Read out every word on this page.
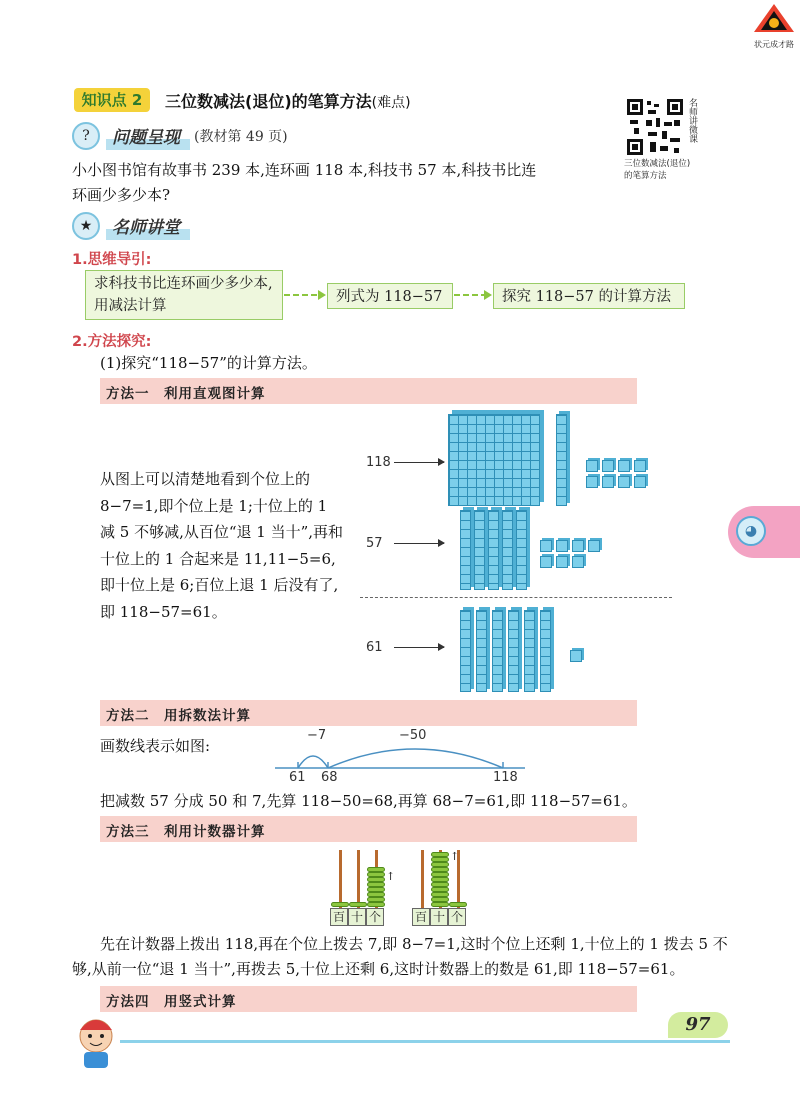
状元成才路
知识点 2	三位数减法(退位)的笔算方法(难点)	名师讲微课
三位数减法(退位)的笔算方法
?	问题呈现	(教材第 49 页)
小小图书馆有故事书 239 本,连环画 118 本,科技书 57 本,科技书比连环画少多少本?
★	名师讲堂
1.思维导引:
求科技书比连环画少多少本,用减法计算
列式为 118−57	探究 118−57 的计算方法
2.方法探究:
(1)探究“118−57”的计算方法。
方法一　利用直观图计算
从图上可以清楚地看到个位上的 8−7=1,即个位上是 1;十位上的 1 减 5 不够减,从百位“退 1 当十”,再和十位上的 1 合起来是 11,11−5=6,即十位上是 6;百位上退 1 后没有了,即 118−57=61。
118
57
61
方法二　用拆数法计算
画数线表示如图:
−7	−50
61 68	118
把减数 57 分成 50 和 7,先算 118−50=68,再算 68−7=61,即 118−57=61。
方法三　利用计数器计算
↑
百 十 个
↑
百 十 个
先在计数器上拨出 118,再在个位上拨去 7,即 8−7=1,这时个位上还剩 1,十位上的 1 拨去 5 不够,从前一位“退 1 当十”,再拨去 5,十位上还剩 6,这时计数器上的数是 61,即 118−57=61。
方法四　用竖式计算
◕
97
